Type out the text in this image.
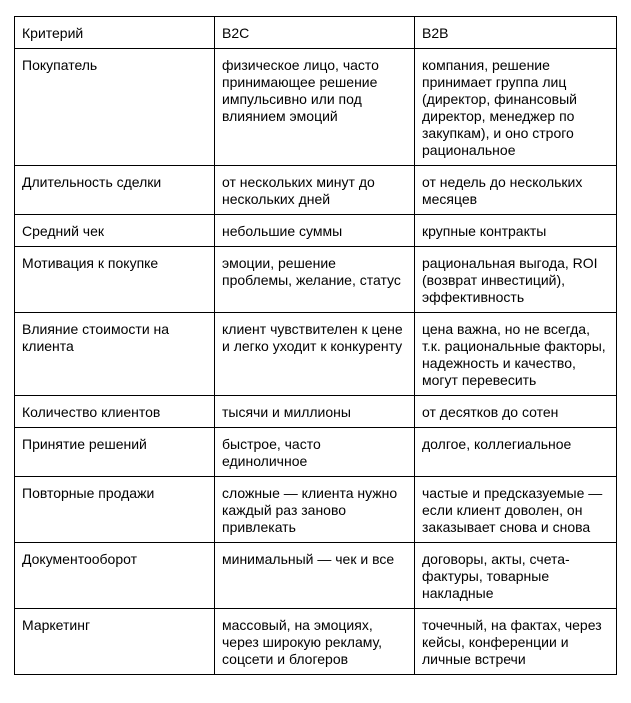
Критерий	B2C	B2B
Покупатель	физическое лицо, часто принимающее решение импульсивно или под влиянием эмоций	компания, решение принимает группа лиц (директор, финансовый директор, менеджер по закупкам), и оно строго рациональное
Длительность сделки	от нескольких минут до нескольких дней	от недель до нескольких месяцев
Средний чек	небольшие суммы	крупные контракты
Мотивация к покупке	эмоции, решение проблемы, желание, статус	рациональная выгода, ROI (возврат инвестиций), эффективность
Влияние стоимости на клиента	клиент чувствителен к цене и легко уходит к конкуренту	цена важна, но не всегда, т.к. рациональные факторы, надежность и качество, могут перевесить
Количество клиентов	тысячи и миллионы	от десятков до сотен
Принятие решений	быстрое, часто единоличное	долгое, коллегиальное
Повторные продажи	сложные — клиента нужно каждый раз заново привлекать	частые и предсказуемые — если клиент доволен, он заказывает снова и снова
Документооборот	минимальный — чек и все	договоры, акты, счета-фактуры, товарные накладные
Маркетинг	массовый, на эмоциях, через широкую рекламу, соцсети и блогеров	точечный, на фактах, через кейсы, конференции и личные встречи
